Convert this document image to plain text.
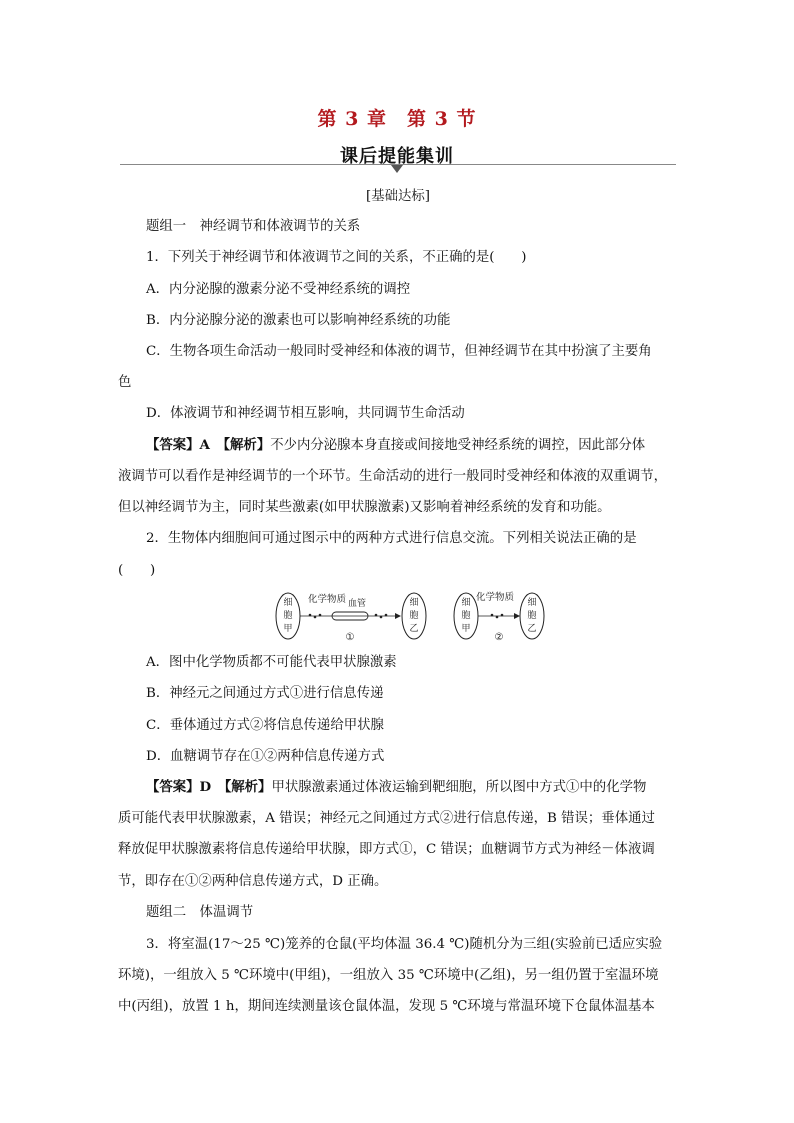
第 3 章　第 3 节
课后提能集训
[基础达标]
题组一　神经调节和体液调节的关系
1．下列关于神经调节和体液调节之间的关系，不正确的是(　　)
A．内分泌腺的激素分泌不受神经系统的调控
B．内分泌腺分泌的激素也可以影响神经系统的功能
C．生物各项生命活动一般同时受神经和体液的调节，但神经调节在其中扮演了主要角
色
D．体液调节和神经调节相互影响，共同调节生命活动
【答案】A　【解析】不少内分泌腺本身直接或间接地受神经系统的调控，因此部分体
液调节可以看作是神经调节的一个环节。生命活动的进行一般同时受神经和体液的双重调节，
但以神经调节为主，同时某些激素(如甲状腺激素)又影响着神经系统的发育和功能。
2．生物体内细胞间可通过图示中的两种方式进行信息交流。下列相关说法正确的是
(　　)
细
胞
甲
化学物质 血管	细
胞
乙
①
细
胞
甲
化学物质 细
胞
乙
②
A．图中化学物质都不可能代表甲状腺激素
B．神经元之间通过方式①进行信息传递
C．垂体通过方式②将信息传递给甲状腺
D．血糖调节存在①②两种信息传递方式
【答案】D　【解析】甲状腺激素通过体液运输到靶细胞，所以图中方式①中的化学物
质可能代表甲状腺激素，A 错误；神经元之间通过方式②进行信息传递，B 错误；垂体通过
释放促甲状腺激素将信息传递给甲状腺，即方式①，C 错误；血糖调节方式为神经－体液调
节，即存在①②两种信息传递方式，D 正确。
题组二　体温调节
3．将室温(17～25 ℃)笼养的仓鼠(平均体温 36.4 ℃)随机分为三组(实验前已适应实验
环境)，一组放入 5 ℃环境中(甲组)，一组放入 35 ℃环境中(乙组)，另一组仍置于室温环境
中(丙组)，放置 1 h，期间连续测量该仓鼠体温，发现 5 ℃环境与常温环境下仓鼠体温基本
